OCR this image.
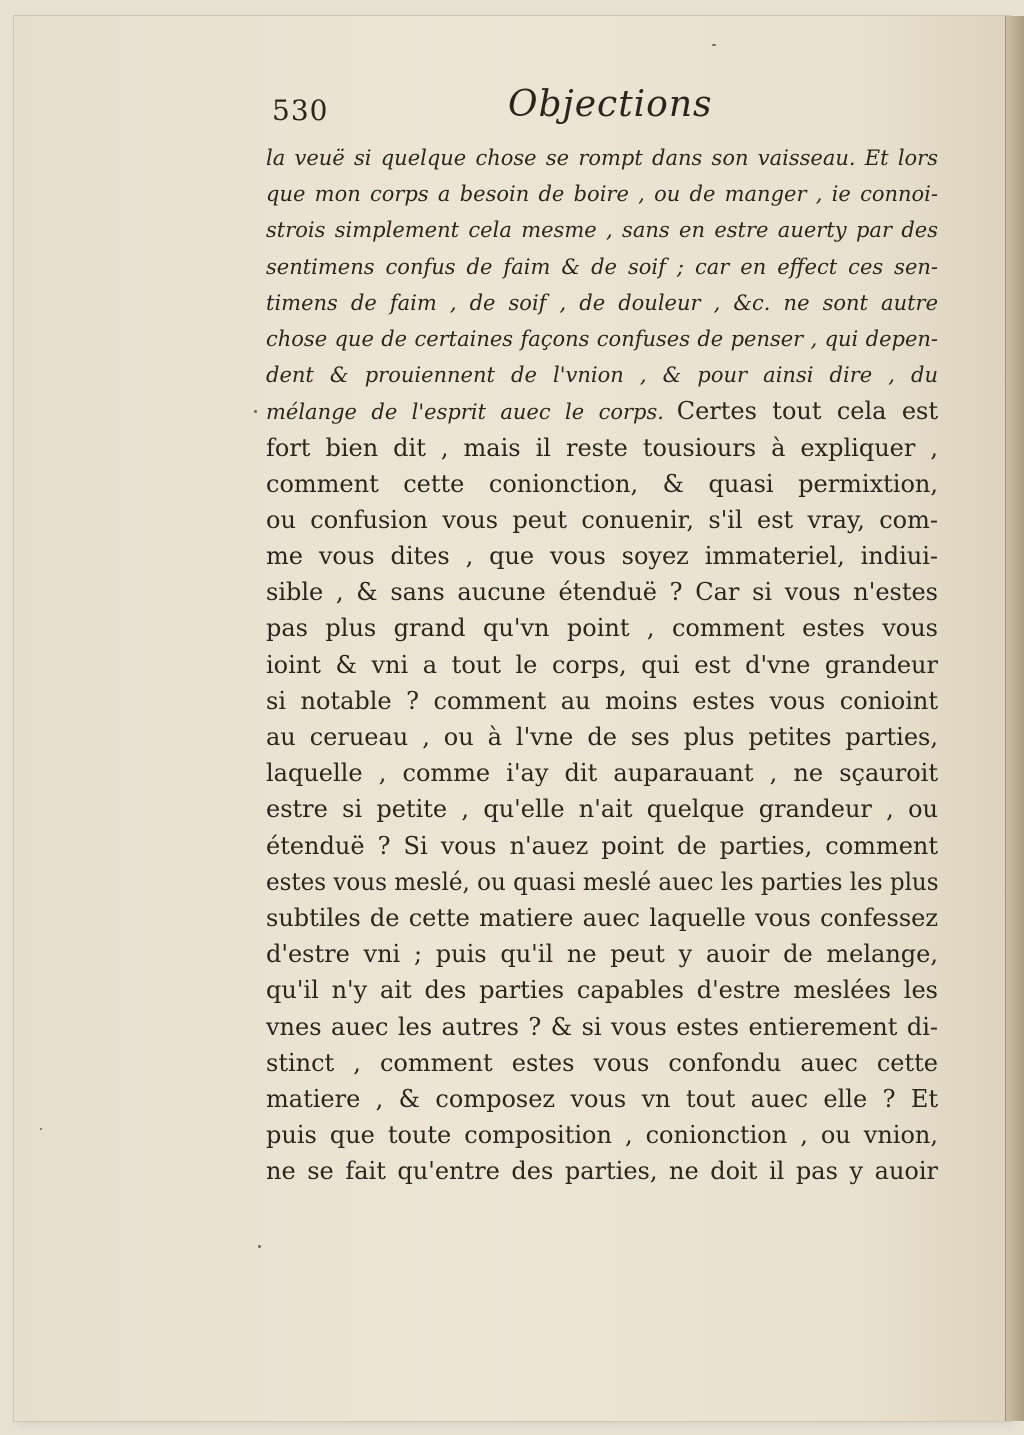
530	Objections
la veuë si quelque chose se rompt dans son vaisseau. Et lors
que mon corps a besoin de boire , ou de manger , ie connoi-
strois simplement cela mesme , sans en estre auerty par des
sentimens confus de faim & de soif ; car en effect ces sen-
timens de faim , de soif , de douleur , &c. ne sont autre
chose que de certaines façons confuses de penser , qui depen-
dent & prouiennent de l'vnion , & pour ainsi dire , du
mélange de l'esprit auec le corps. Certes tout cela est
fort bien dit , mais il reste tousiours à expliquer ,
comment cette conionction, & quasi permixtion,
ou confusion vous peut conuenir, s'il est vray, com-
me vous dites , que vous soyez immateriel, indiui-
sible , & sans aucune étenduë ? Car si vous n'estes
pas plus grand qu'vn point , comment estes vous
ioint & vni a tout le corps, qui est d'vne grandeur
si notable ? comment au moins estes vous conioint
au cerueau , ou à l'vne de ses plus petites parties,
laquelle , comme i'ay dit auparauant , ne sçauroit
estre si petite , qu'elle n'ait quelque grandeur , ou
étenduë ? Si vous n'auez point de parties, comment
estes vous meslé, ou quasi meslé auec les parties les plus
subtiles de cette matiere auec laquelle vous confessez
d'estre vni ; puis qu'il ne peut y auoir de melange,
qu'il n'y ait des parties capables d'estre meslées les
vnes auec les autres ? & si vous estes entierement di-
stinct , comment estes vous confondu auec cette
matiere , & composez vous vn tout auec elle ? Et
puis que toute composition , conionction , ou vnion,
ne se fait qu'entre des parties, ne doit il pas y auoir
